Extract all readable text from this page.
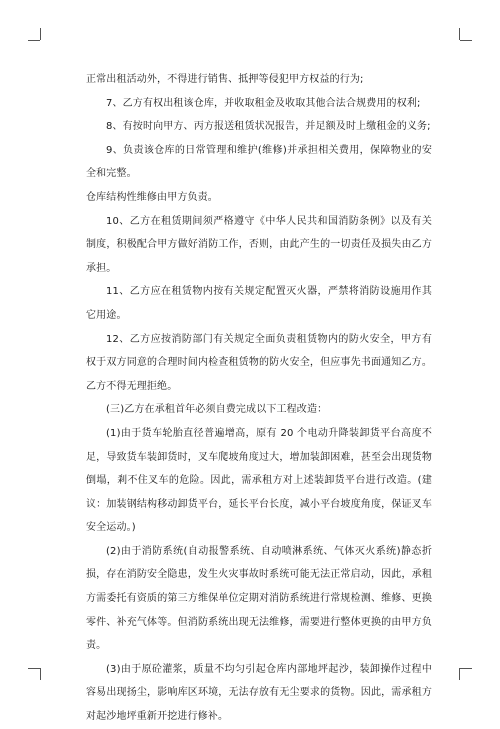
正常出租活动外，不得进行销售、抵押等侵犯甲方权益的行为;

7、乙方有权出租该仓库，并收取租金及收取其他合法合规费用的权利;

8、有按时向甲方、丙方报送租赁状况报告，并足额及时上缴租金的义务;

9、负责该仓库的日常管理和维护(维修)并承担相关费用，保障物业的安全和完整。

仓库结构性维修由甲方负责。

10、乙方在租赁期间须严格遵守《中华人民共和国消防条例》以及有关制度，积极配合甲方做好消防工作，否则，由此产生的一切责任及损失由乙方承担。

11、乙方应在租赁物内按有关规定配置灭火器，严禁将消防设施用作其它用途。

12、乙方应按消防部门有关规定全面负责租赁物内的防火安全，甲方有权于双方同意的合理时间内检查租赁物的防火安全，但应事先书面通知乙方。乙方不得无理拒绝。

(三)乙方在承租首年必须自费完成以下工程改造：

(1)由于货车轮胎直径普遍增高，原有 20 个电动升降装卸货平台高度不足，导致货车装卸货时，叉车爬坡角度过大，增加装卸困难，甚至会出现货物倒塌，剎不住叉车的危险。因此，需承租方对上述装卸货平台进行改造。(建议：加装钢结构移动卸货平台，延长平台长度，减小平台坡度角度，保证叉车安全运动。)

(2)由于消防系统(自动报警系统、自动喷淋系统、气体灭火系统)静态折损，存在消防安全隐患，发生火灾事故时系统可能无法正常启动，因此，承租方需委托有资质的第三方维保单位定期对消防系统进行常规检测、维修、更换零件、补充气体等。但消防系统出现无法维修，需要进行整体更换的由甲方负责。

(3)由于原砼灌浆，质量不均匀引起仓库内部地坪起沙，装卸操作过程中容易出现扬尘，影响库区环境，无法存放有无尘要求的货物。因此，需承租方对起沙地坪重新开挖进行修补。
